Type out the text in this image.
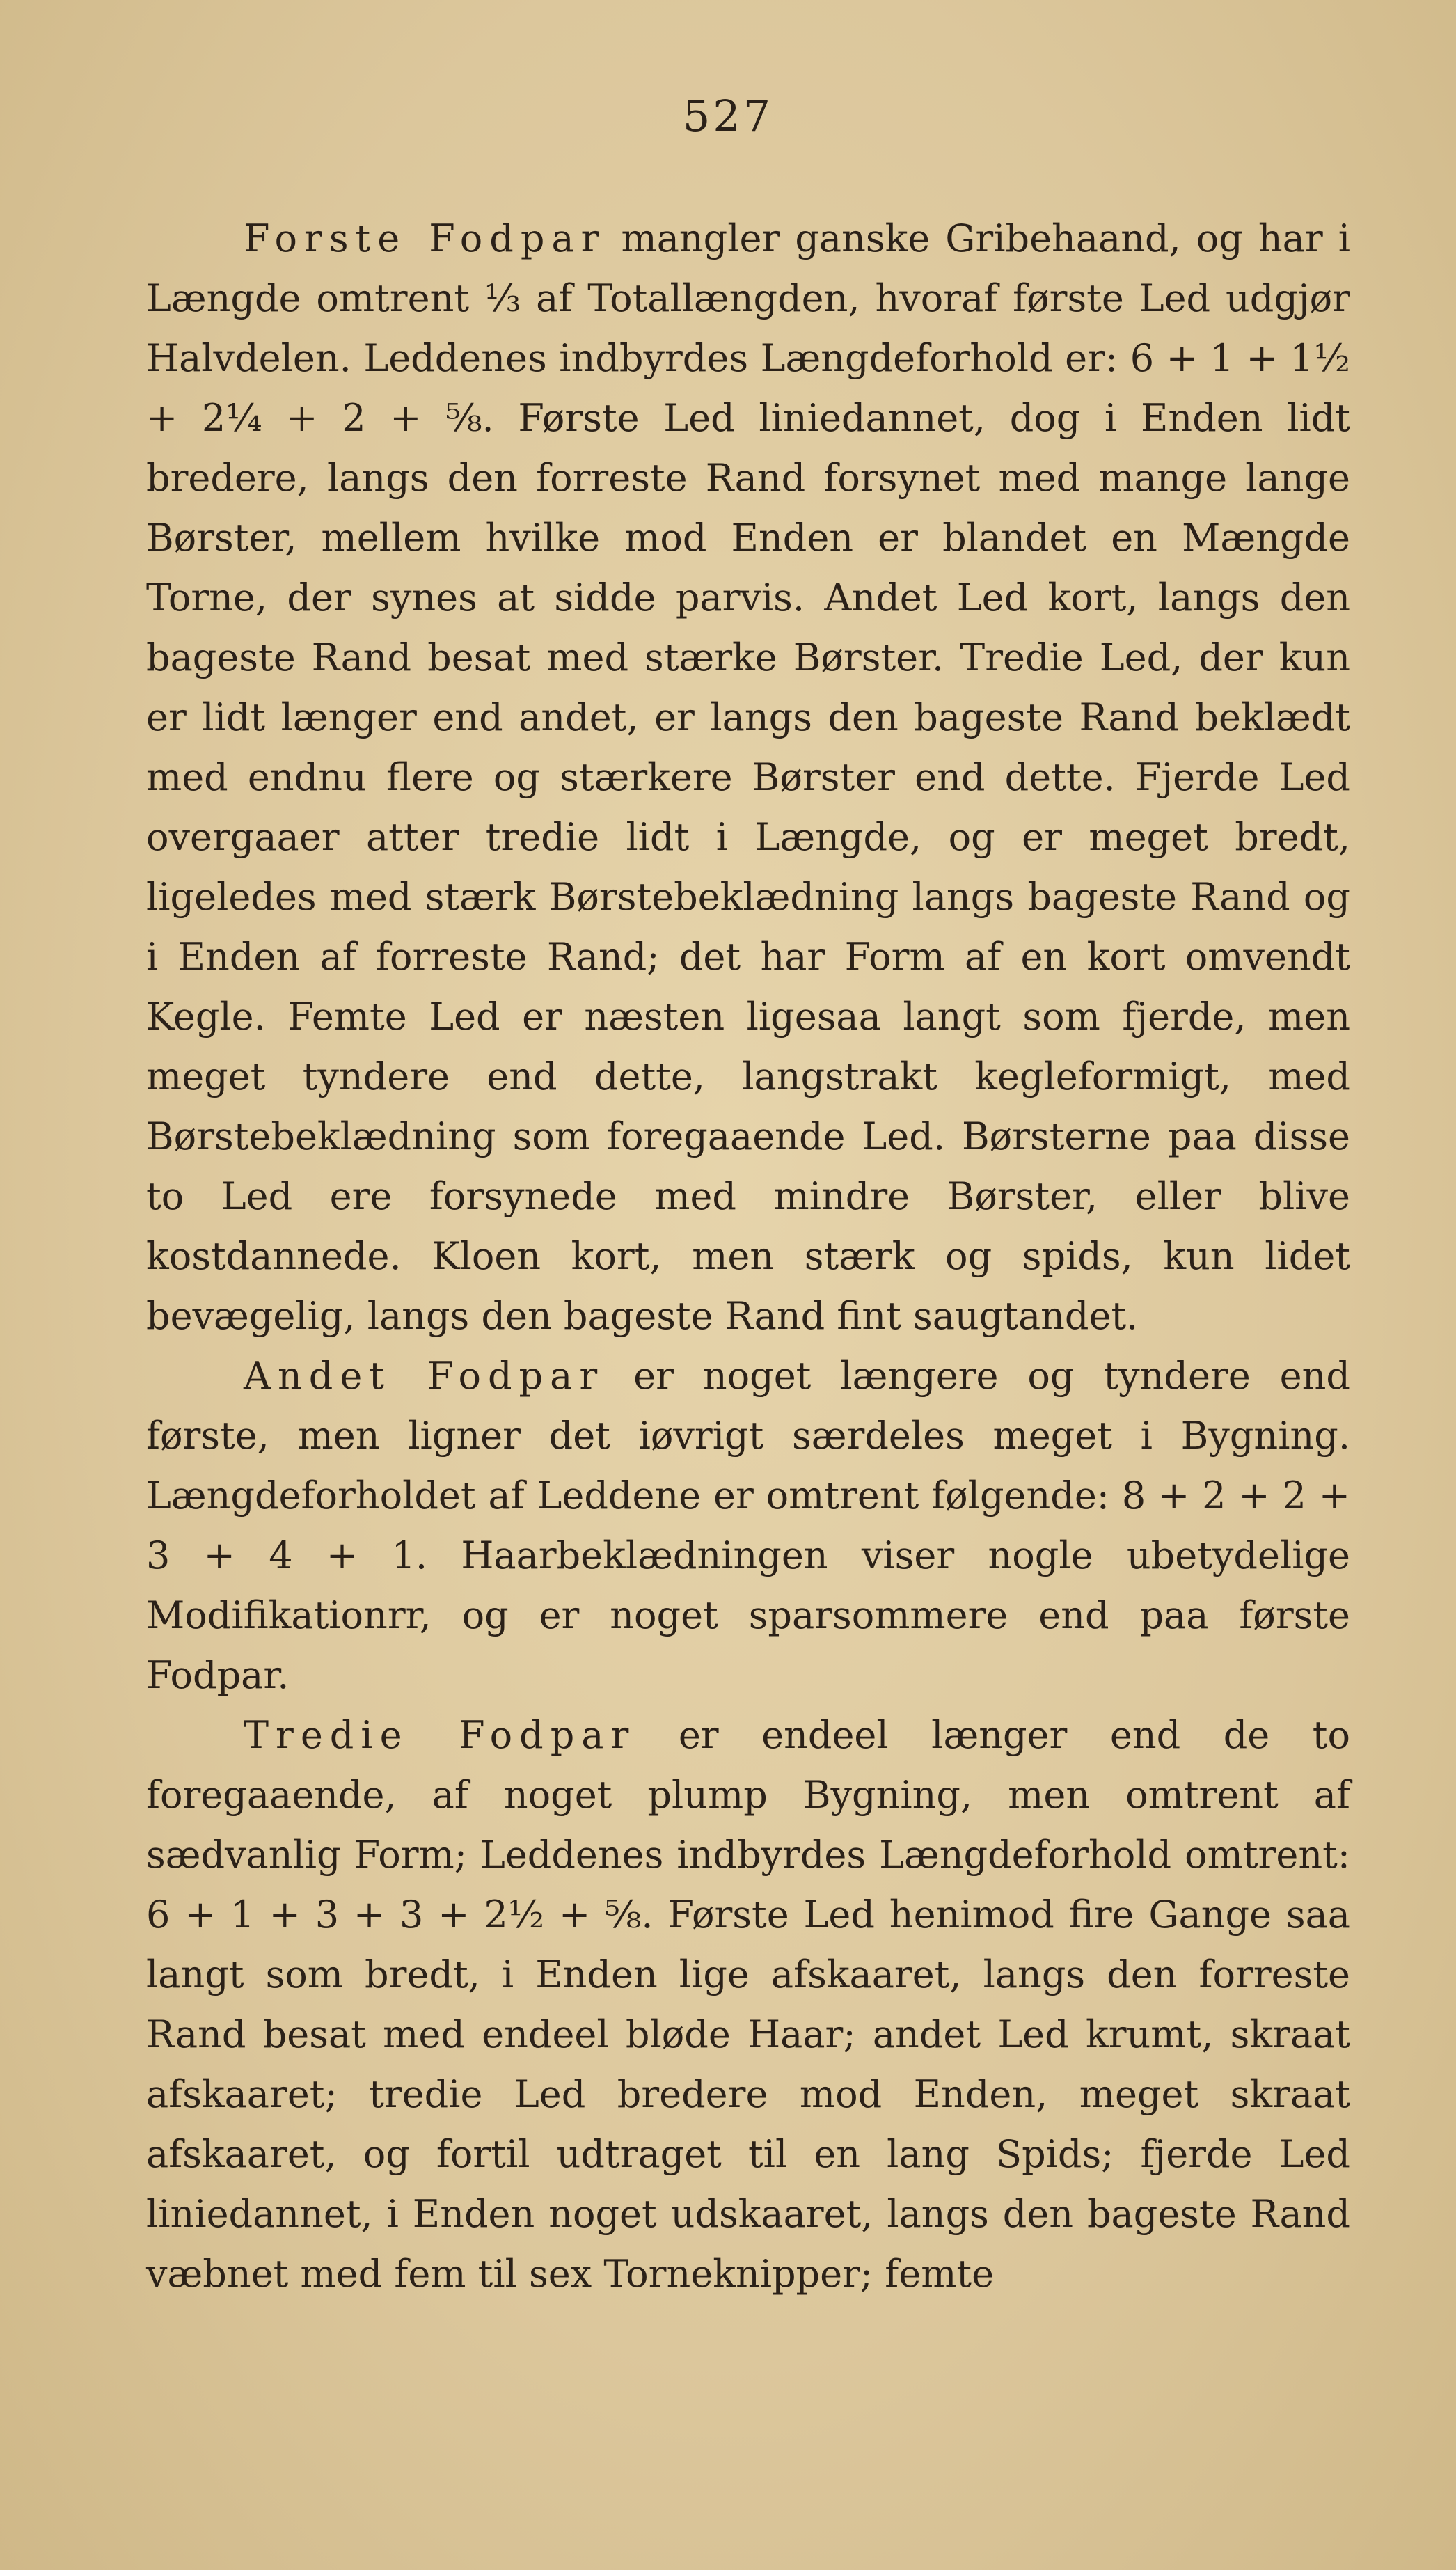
527

Forste Fodpar mangler ganske Gribehaand, og har i Længde omtrent ⅓ af Totallængden, hvoraf første Led udgjør Halvdelen. Leddenes indbyrdes Længdeforhold er: 6 + 1 + 1½ + 2¼ + 2 + ⅝. Første Led liniedannet, dog i Enden lidt bredere, langs den forreste Rand forsynet med mange lange Børster, mellem hvilke mod Enden er blandet en Mængde Torne, der synes at sidde parvis. Andet Led kort, langs den bageste Rand besat med stærke Børster. Tredie Led, der kun er lidt længer end andet, er langs den bageste Rand beklædt med endnu flere og stærkere Børster end dette. Fjerde Led overgaaer atter tredie lidt i Længde, og er meget bredt, ligeledes med stærk Børstebeklædning langs bageste Rand og i Enden af forreste Rand; det har Form af en kort omvendt Kegle. Femte Led er næsten ligesaa langt som fjerde, men meget tyndere end dette, langstrakt kegleformigt, med Børstebeklædning som foregaaende Led. Børsterne paa disse to Led ere forsynede med mindre Børster, eller blive kostdannede. Kloen kort, men stærk og spids, kun lidet bevægelig, langs den bageste Rand fint saugtandet.

Andet Fodpar er noget længere og tyndere end første, men ligner det iøvrigt særdeles meget i Bygning. Længdeforholdet af Leddene er omtrent følgende: 8 + 2 + 2 + 3 + 4 + 1. Haarbeklædningen viser nogle ubetydelige Modifikationrr, og er noget sparsommere end paa første Fodpar.

Tredie Fodpar er endeel længer end de to foregaaende, af noget plump Bygning, men omtrent af sædvanlig Form; Leddenes indbyrdes Længdeforhold omtrent: 6 + 1 + 3 + 3 + 2½ + ⅝. Første Led henimod fire Gange saa langt som bredt, i Enden lige afskaaret, langs den forreste Rand besat med endeel bløde Haar; andet Led krumt, skraat afskaaret; tredie Led bredere mod Enden, meget skraat afskaaret, og fortil udtraget til en lang Spids; fjerde Led liniedannet, i Enden noget udskaaret, langs den bageste Rand væbnet med fem til sex Torneknipper; femte
